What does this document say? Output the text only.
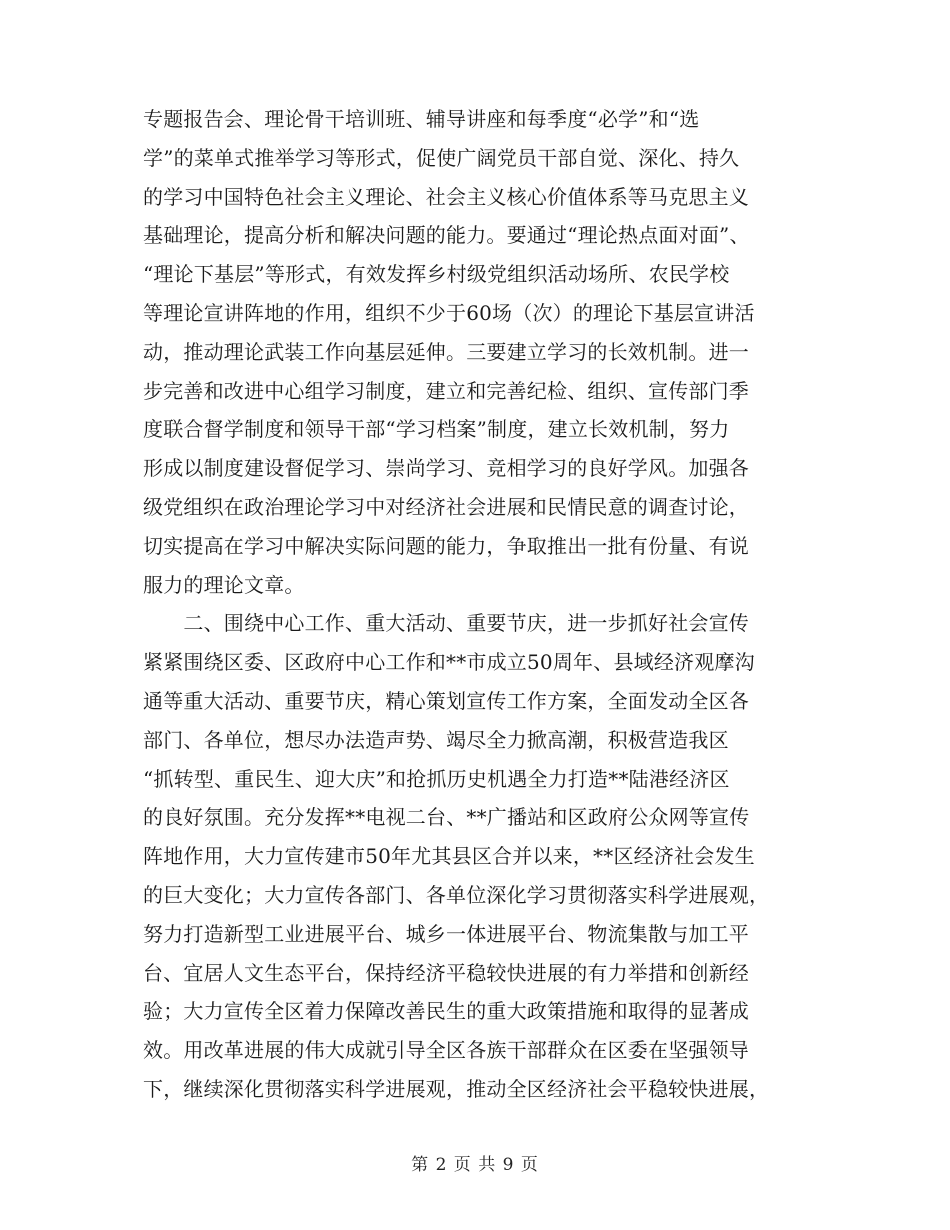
专题报告会、理论骨干培训班、辅导讲座和每季度“必学”和“选
学”的菜单式推举学习等形式，促使广阔党员干部自觉、深化、持久
的学习中国特色社会主义理论、社会主义核心价值体系等马克思主义
基础理论，提高分析和解决问题的能力。要通过“理论热点面对面”、
“理论下基层”等形式，有效发挥乡村级党组织活动场所、农民学校
等理论宣讲阵地的作用，组织不少于60场（次）的理论下基层宣讲活
动，推动理论武装工作向基层延伸。三要建立学习的长效机制。进一
步完善和改进中心组学习制度，建立和完善纪检、组织、宣传部门季
度联合督学制度和领导干部“学习档案”制度，建立长效机制，努力
形成以制度建设督促学习、崇尚学习、竞相学习的良好学风。加强各
级党组织在政治理论学习中对经济社会进展和民情民意的调查讨论，
切实提高在学习中解决实际问题的能力，争取推出一批有份量、有说
服力的理论文章。
　　二、围绕中心工作、重大活动、重要节庆，进一步抓好社会宣传
紧紧围绕区委、区政府中心工作和**市成立50周年、县域经济观摩沟
通等重大活动、重要节庆，精心策划宣传工作方案，全面发动全区各
部门、各单位，想尽办法造声势、竭尽全力掀高潮，积极营造我区
“抓转型、重民生、迎大庆”和抢抓历史机遇全力打造**陆港经济区
的良好氛围。充分发挥**电视二台、**广播站和区政府公众网等宣传
阵地作用，大力宣传建市50年尤其县区合并以来，**区经济社会发生
的巨大变化；大力宣传各部门、各单位深化学习贯彻落实科学进展观，
努力打造新型工业进展平台、城乡一体进展平台、物流集散与加工平
台、宜居人文生态平台，保持经济平稳较快进展的有力举措和创新经
验；大力宣传全区着力保障改善民生的重大政策措施和取得的显著成
效。用改革进展的伟大成就引导全区各族干部群众在区委在坚强领导
下，继续深化贯彻落实科学进展观，推动全区经济社会平稳较快进展，
第 2 页 共 9 页
